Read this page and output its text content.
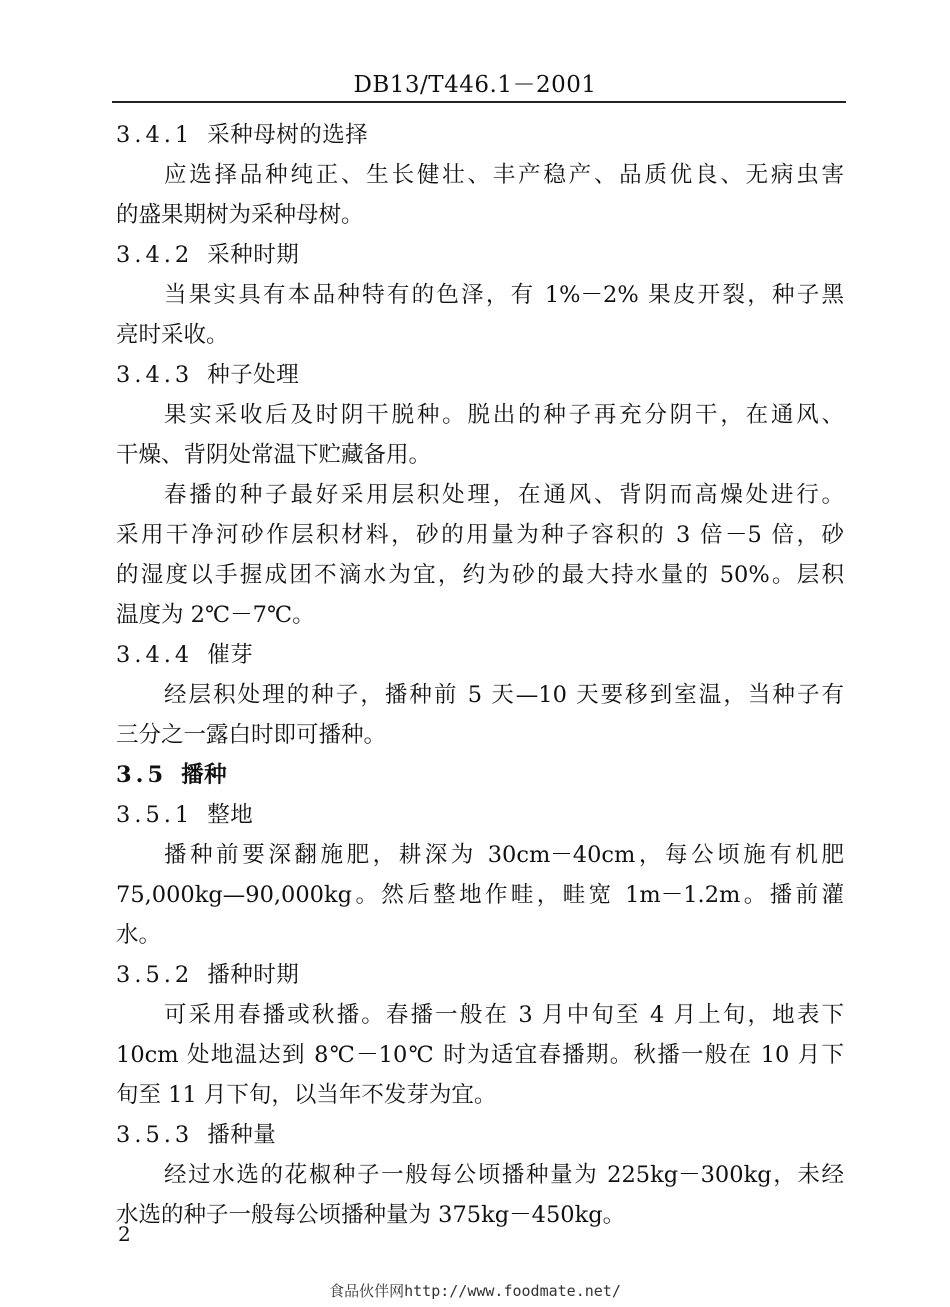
DB13/T446.1－2001
3.4.1 采种母树的选择
应选择品种纯正、生长健壮、丰产稳产、品质优良、无病虫害
的盛果期树为采种母树。
3.4.2 采种时期
当果实具有本品种特有的色泽，有 1%－2% 果皮开裂，种子黑
亮时采收。
3.4.3 种子处理
果实采收后及时阴干脱种。脱出的种子再充分阴干，在通风、
干燥、背阴处常温下贮藏备用。
春播的种子最好采用层积处理，在通风、背阴而高燥处进行。
采用干净河砂作层积材料，砂的用量为种子容积的 3 倍－5 倍，砂
的湿度以手握成团不滴水为宜，约为砂的最大持水量的 50%。层积
温度为 2℃－7℃。
3.4.4 催芽
经层积处理的种子，播种前 5 天—10 天要移到室温，当种子有
三分之一露白时即可播种。
3.5 播种
3.5.1 整地
播种前要深翻施肥，耕深为 30cm－40cm，每公顷施有机肥
75,000kg—90,000kg。然后整地作畦，畦宽 1m－1.2m。播前灌
水。
3.5.2 播种时期
可采用春播或秋播。春播一般在 3 月中旬至 4 月上旬，地表下
10cm 处地温达到 8℃－10℃ 时为适宜春播期。秋播一般在 10 月下
旬至 11 月下旬，以当年不发芽为宜。
3.5.3 播种量
经过水选的花椒种子一般每公顷播种量为 225kg－300kg，未经
水选的种子一般每公顷播种量为 375kg－450kg。
2
食品伙伴网http://www.foodmate.net/
